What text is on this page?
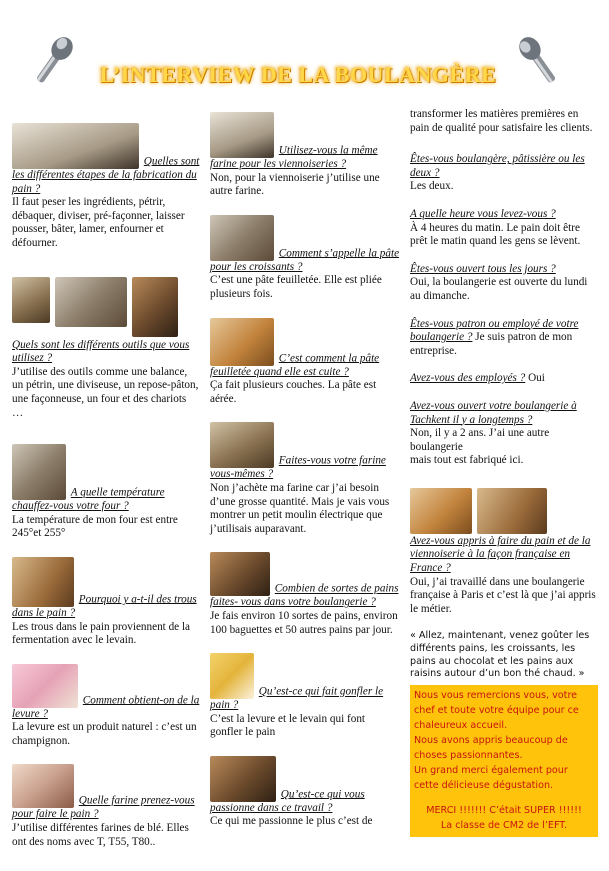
L’INTERVIEW DE LA BOULANGÈRE
Quelles sont les différentes étapes de la fabrication du pain ?
Il faut peser les ingrédients, pétrir, débaquer, diviser, pré-façonner, laisser pousser, bâter, lamer, enfourner et défourner.
Quels sont les différents outils que vous utilisez ?
J’utilise des outils comme une balance, un pétrin, une diviseuse, un repose-pâton, une façonneuse, un four et des chariots …
A quelle température chauffez-vous votre four ?
La température de mon four est entre 245°et 255°
Pourquoi y a-t-il des trous dans le pain ?
Les trous dans le pain proviennent de la fermentation avec le levain.
Comment obtient-on de la levure ?
La levure est un produit naturel : c’est un champignon.
Quelle farine prenez-vous pour faire le pain ?
J’utilise différentes farines de blé. Elles ont des noms avec T, T55, T80..
Utilisez-vous la même farine pour les viennoiseries ?
Non, pour la viennoiserie j’utilise une autre farine.
Comment s’appelle la pâte pour les croissants ?
C’est une pâte feuilletée. Elle est pliée plusieurs fois.
C’est comment la pâte feuilletée quand elle est cuite ?
Ça fait plusieurs couches. La pâte est aérée.
Faites-vous votre farine vous-mêmes ?
Non j’achète ma farine car j’ai besoin d’une grosse quantité. Mais je vais vous montrer un petit moulin électrique que j’utilisais auparavant.
Combien de sortes de pains faites- vous dans votre boulangerie ?
Je fais environ 10 sortes de pains, environ 100 baguettes et 50 autres pains par jour.
Qu’est-ce qui fait gonfler le pain ?
C’est la levure et le levain qui font gonfler le pain
Qu’est-ce qui vous passionne dans ce travail ?
Ce qui me passionne le plus c’est de
transformer les matières premières en pain de qualité pour satisfaire les clients.
Êtes-vous boulangère, pâtissière ou les deux ?
Les deux.
A quelle heure vous levez-vous ?
À 4 heures du matin. Le pain doit être prêt le matin quand les gens se lèvent.
Êtes-vous ouvert tous les jours ?
Oui, la boulangerie est ouverte du lundi au dimanche.
Êtes-vous patron ou employé de votre boulangerie ? Je suis patron de mon entreprise.
Avez-vous des employés ? Oui
Avez-vous ouvert votre boulangerie à Tachkent il y a longtemps ?
Non, il y a 2 ans. J’ai une autre boulangerie
mais tout est fabriqué ici.
Avez-vous appris à faire du pain et de la viennoiserie à la façon française en France ?
Oui, j’ai travaillé dans une boulangerie française à Paris et c’est là que j’ai appris le métier.
« Allez, maintenant, venez goûter les différents pains, les croissants, les pains au chocolat et les pains aux raisins autour d’un bon thé chaud. »

Nous vous remercions vous, votre chef et toute votre équipe pour ce chaleureux accueil.

Nous avons appris beaucoup de choses passionnantes.

Un grand merci également pour cette délicieuse dégustation.

MERCI !!!!!!! C’était SUPER !!!!!!

La classe de CM2 de l’EFT.
